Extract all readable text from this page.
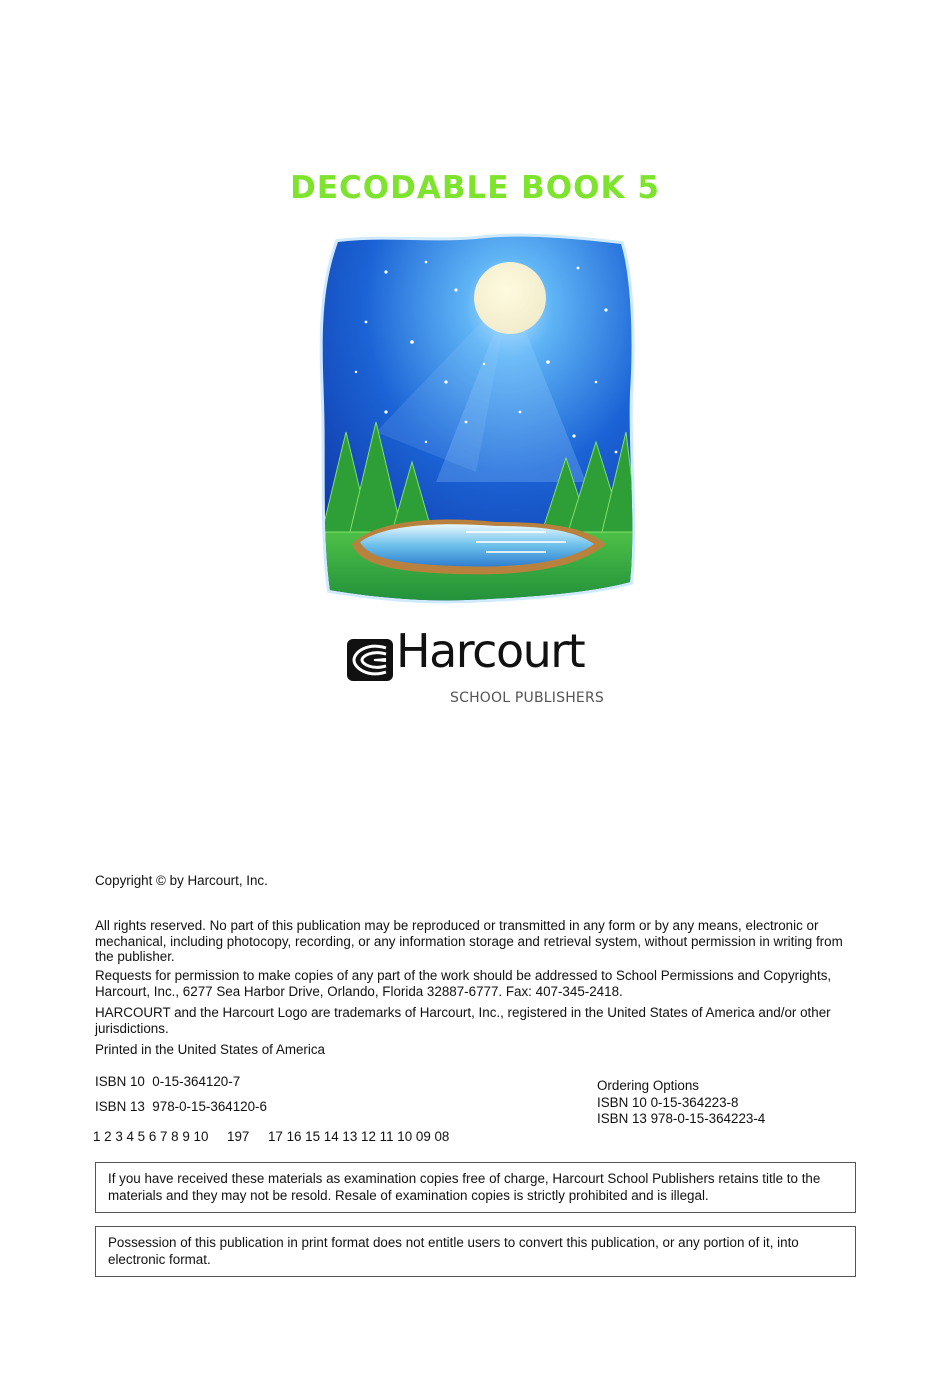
DECODABLE BOOK 5
Harcourt
SCHOOL PUBLISHERS
Copyright © by Harcourt, Inc.
All rights reserved. No part of this publication may be reproduced or transmitted in any form or by any means, electronic or mechanical, including photocopy, recording, or any information storage and retrieval system, without permission in writing from the publisher.
Requests for permission to make copies of any part of the work should be addressed to School Permissions and Copyrights, Harcourt, Inc., 6277 Sea Harbor Drive, Orlando, Florida 32887-6777. Fax: 407-345-2418.
HARCOURT and the Harcourt Logo are trademarks of Harcourt, Inc., registered in the United States of America and/or other jurisdictions.
Printed in the United States of America
ISBN 10  0-15-364120-7
ISBN 13  978-0-15-364120-6
1 2 3 4 5 6 7 8 9 10     197     17 16 15 14 13 12 11 10 09 08
Ordering Options
ISBN 10 0-15-364223-8
ISBN 13 978-0-15-364223-4
If you have received these materials as examination copies free of charge, Harcourt School Publishers retains title to the materials and they may not be resold. Resale of examination copies is strictly prohibited and is illegal.
Possession of this publication in print format does not entitle users to convert this publication, or any portion of it, into electronic format.
